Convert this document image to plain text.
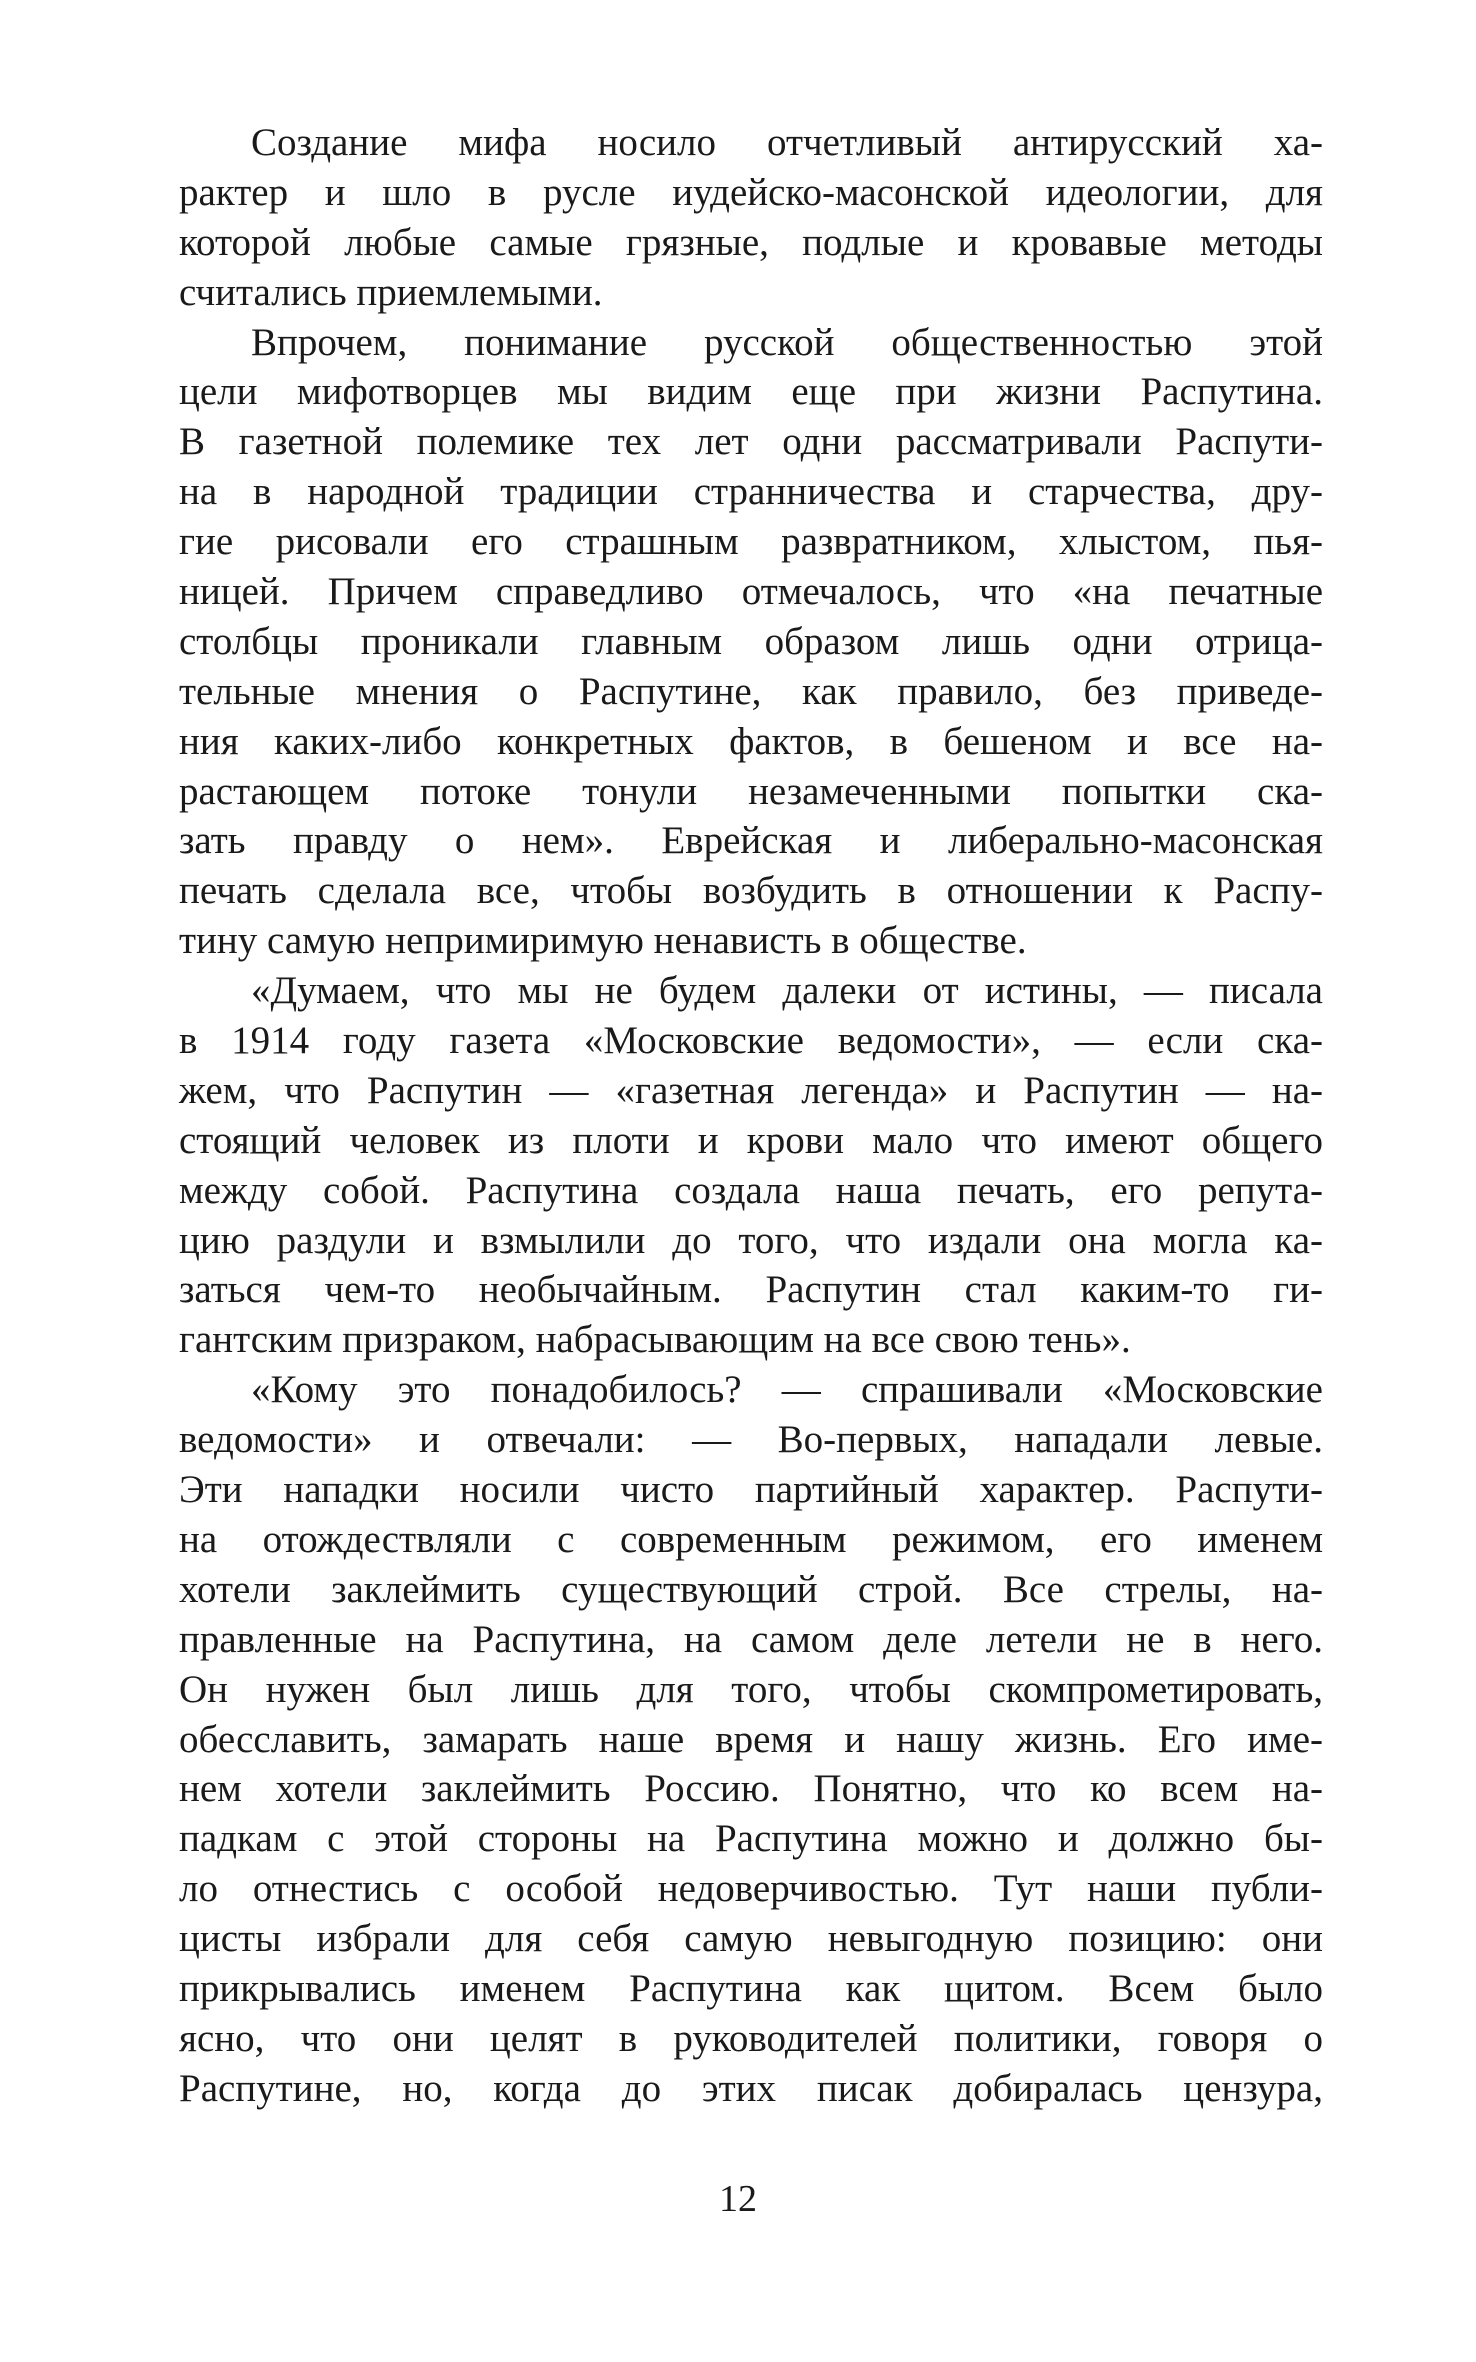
Создание мифа носило отчетливый антирусский ха-
рактер и шло в русле иудейско-масонской идеологии, для
которой любые самые грязные, подлые и кровавые методы
считались приемлемыми.
Впрочем, понимание русской общественностью этой
цели мифотворцев мы видим еще при жизни Распутина.
В газетной полемике тех лет одни рассматривали Распути-
на в народной традиции странничества и старчества, дру-
гие рисовали его страшным развратником, хлыстом, пья-
ницей. Причем справедливо отмечалось, что «на печатные
столбцы проникали главным образом лишь одни отрица-
тельные мнения о Распутине, как правило, без приведе-
ния каких-либо конкретных фактов, в бешеном и все на-
растающем потоке тонули незамеченными попытки ска-
зать правду о нем». Еврейская и либерально-масонская
печать сделала все, чтобы возбудить в отношении к Распу-
тину самую непримиримую ненависть в обществе.
«Думаем, что мы не будем далеки от истины, — писала
в 1914 году газета «Московские ведомости», — если ска-
жем, что Распутин — «газетная легенда» и Распутин — на-
стоящий человек из плоти и крови мало что имеют общего
между собой. Распутина создала наша печать, его репута-
цию раздули и взмылили до того, что издали она могла ка-
заться чем-то необычайным. Распутин стал каким-то ги-
гантским призраком, набрасывающим на все свою тень».
«Кому это понадобилось? — спрашивали «Московские
ведомости» и отвечали: — Во-первых, нападали левые.
Эти нападки носили чисто партийный характер. Распути-
на отождествляли с современным режимом, его именем
хотели заклеймить существующий строй. Все стрелы, на-
правленные на Распутина, на самом деле летели не в него.
Он нужен был лишь для того, чтобы скомпрометировать,
обесславить, замарать наше время и нашу жизнь. Его име-
нем хотели заклеймить Россию. Понятно, что ко всем на-
падкам с этой стороны на Распутина можно и должно бы-
ло отнестись с особой недоверчивостью. Тут наши публи-
цисты избрали для себя самую невыгодную позицию: они
прикрывались именем Распутина как щитом. Всем было
ясно, что они целят в руководителей политики, говоря о
Распутине, но, когда до этих писак добиралась цензура,
12
